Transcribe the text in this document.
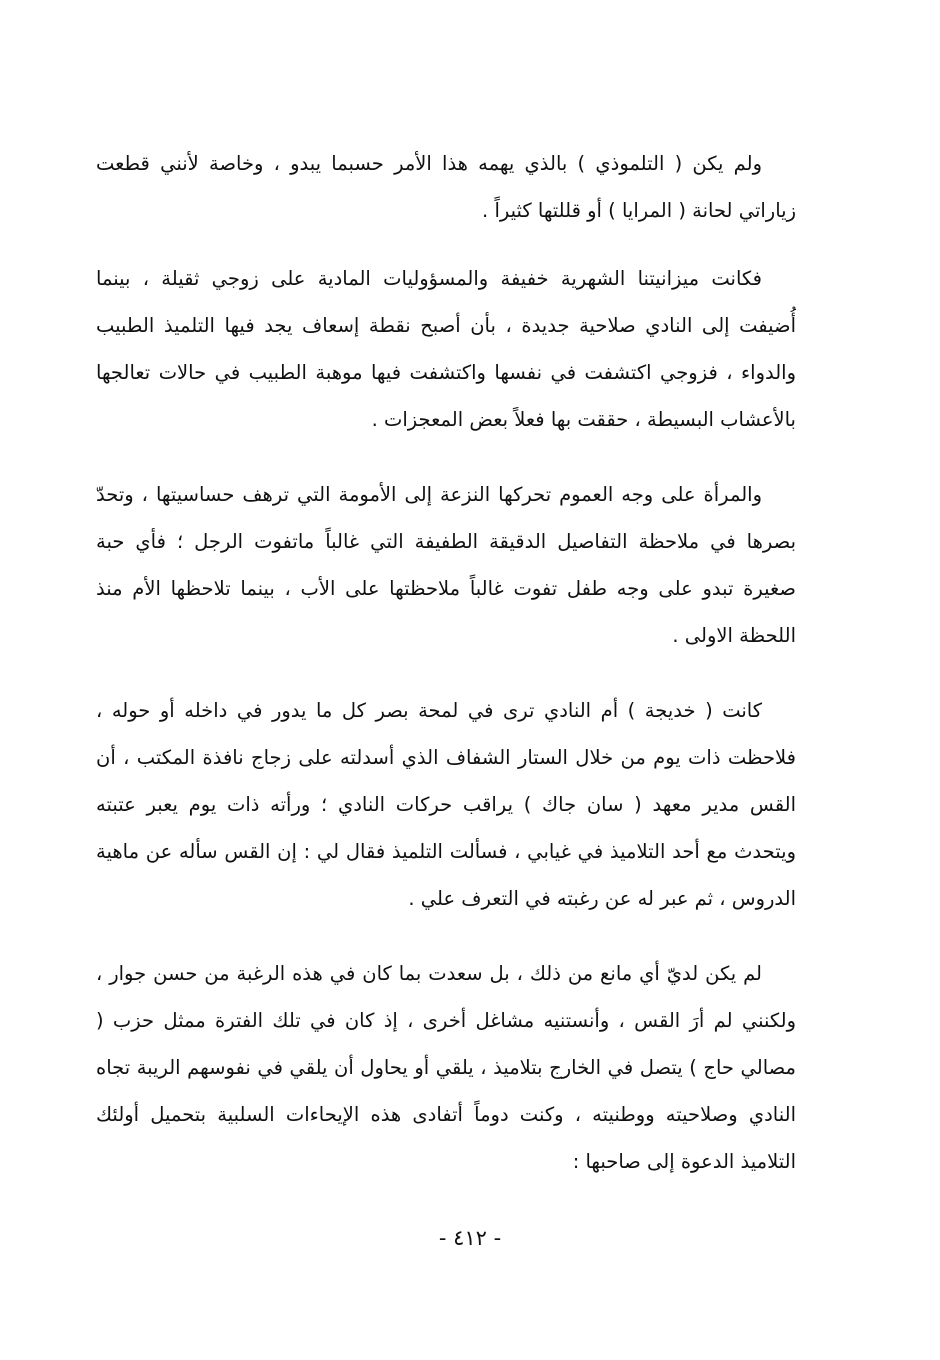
ولم يكن ( التلموذي ) بالذي يهمه هذا الأمر حسبما يبدو ، وخاصة لأنني قطعت زياراتي لحانة ( المرايا ) أو قللتها كثيراً .

فكانت ميزانيتنا الشهرية خفيفة والمسؤوليات المادية على زوجي ثقيلة ، بينما أُضيفت إلى النادي صلاحية جديدة ، بأن أصبح نقطة إسعاف يجد فيها التلميذ الطبيب والدواء ، فزوجي اكتشفت في نفسها واكتشفت فيها موهبة الطبيب في حالات تعالجها بالأعشاب البسيطة ، حققت بها فعلاً بعض المعجزات .

والمرأة على وجه العموم تحركها النزعة إلى الأمومة التي ترهف حساسيتها ، وتحدّ بصرها في ملاحظة التفاصيل الدقيقة الطفيفة التي غالباً ماتفوت الرجل ؛ فأي حبة صغيرة تبدو على وجه طفل تفوت غالباً ملاحظتها على الأب ، بينما تلاحظها الأم منذ اللحظة الاولى .

كانت ( خديجة ) أم النادي ترى في لمحة بصر كل ما يدور في داخله أو حوله ، فلاحظت ذات يوم من خلال الستار الشفاف الذي أسدلته على زجاج نافذة المكتب ، أن القس مدير معهد ( سان جاك ) يراقب حركات النادي ؛ ورأته ذات يوم يعبر عتبته ويتحدث مع أحد التلاميذ في غيابي ، فسألت التلميذ فقال لي : إن القس سأله عن ماهية الدروس ، ثم عبر له عن رغبته في التعرف علي .

لم يكن لديّ أي مانع من ذلك ، بل سعدت بما كان في هذه الرغبة من حسن جوار ، ولكنني لم أرَ القس ، وأنستنيه مشاغل أخرى ، إذ كان في تلك الفترة ممثل حزب ( مصالي حاج ) يتصل في الخارج بتلاميذ ، يلقي أو يحاول أن يلقي في نفوسهم الريبة تجاه النادي وصلاحيته ووطنيته ، وكنت دوماً أتفادى هذه الإيحاءات السلبية بتحميل أولئك التلاميذ الدعوة إلى صاحبها :

- ٤١٢ -
